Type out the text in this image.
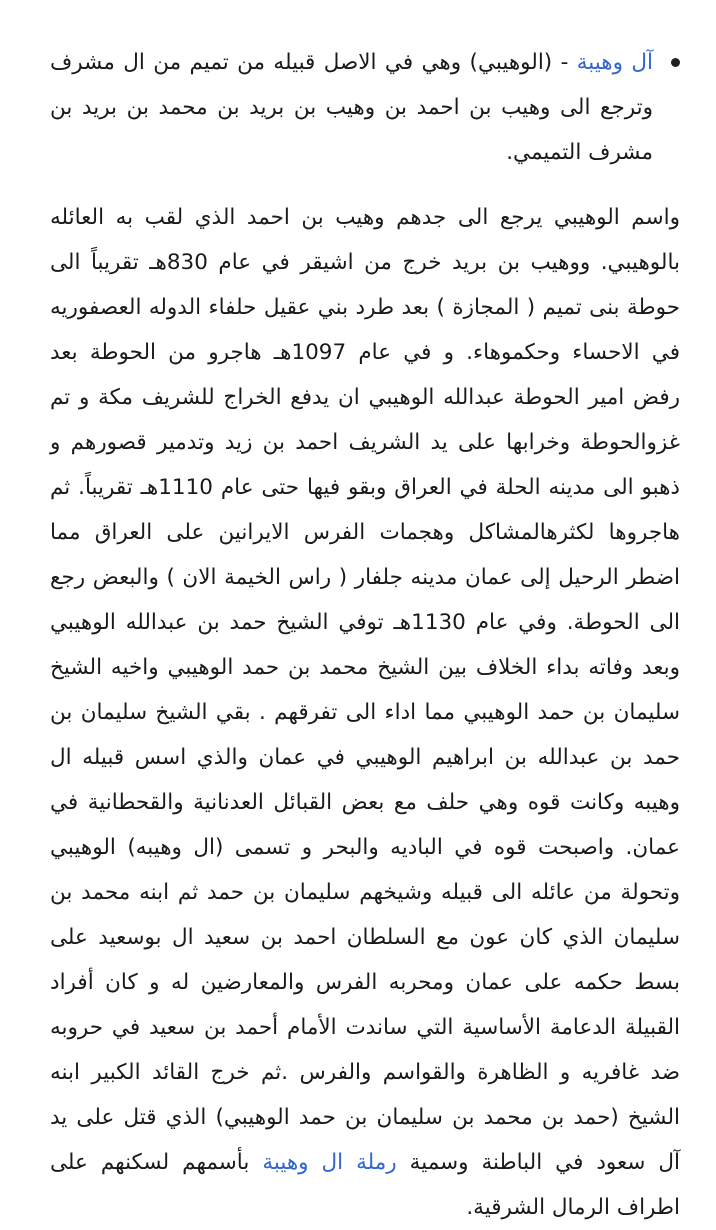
آل وهيبة - (الوهيبي) وهي في الاصل قبيله من تميم من ال مشرف وترجع الى وهيب بن احمد بن وهيب بن بريد بن محمد بن بريد بن مشرف التميمي.
واسم الوهيبي يرجع الى جدهم وهيب بن احمد الذي لقب به العائله بالوهيبي. ووهيب بن بريد خرج من اشيقر في عام 830هـ تقريباً الى حوطة بنى تميم ( المجازة ) بعد طرد بني عقيل حلفاء الدوله العصفوريه في الاحساء وحكموهاء. و في عام 1097هـ هاجرو من الحوطة بعد رفض امير الحوطة عبدالله الوهيبي ان يدفع الخراج للشريف مكة و تم غزوالحوطة وخرابها على يد الشريف احمد بن زيد وتدمير قصورهم و ذهبو الى مدينه الحلة في العراق وبقو فيها حتى عام 1110هـ تقريباً. ثم هاجروها لكثرهالمشاكل وهجمات الفرس الايرانين على العراق مما اضطر الرحيل إلى عمان مدينه جلفار ( راس الخيمة الان ) والبعض رجع الى الحوطة. وفي عام 1130هـ توفي الشيخ حمد بن عبدالله الوهيبي وبعد وفاته بداء الخلاف بين الشيخ محمد بن حمد الوهيبي واخيه الشيخ سليمان بن حمد الوهيبي مما اداء الى تفرقهم . بقي الشيخ سليمان بن حمد بن عبدالله بن ابراهيم الوهيبي في عمان والذي اسس قبيله ال وهيبه وكانت قوه وهي حلف مع بعض القبائل العدنانية والقحطانية في عمان. واصبحت قوه في الباديه والبحر و تسمى (ال وهيبه) الوهيبي وتحولة من عائله الى قبيله وشيخهم سليمان بن حمد ثم ابنه محمد بن سليمان الذي كان عون مع السلطان احمد بن سعيد ال بوسعيد على بسط حكمه على عمان ومحربه الفرس والمعارضين له و كان أفراد القبيلة الدعامة الأساسية التي ساندت الأمام أحمد بن سعيد في حروبه ضد غافريه و الظاهرة والقواسم والفرس .ثم خرج القائد الكبير ابنه الشيخ (حمد بن محمد بن سليمان بن حمد الوهيبي) الذي قتل على يد آل سعود في الباطنة وسمية رملة ال وهيبة بأسمهم لسكنهم على اطراف الرمال الشرقية.
